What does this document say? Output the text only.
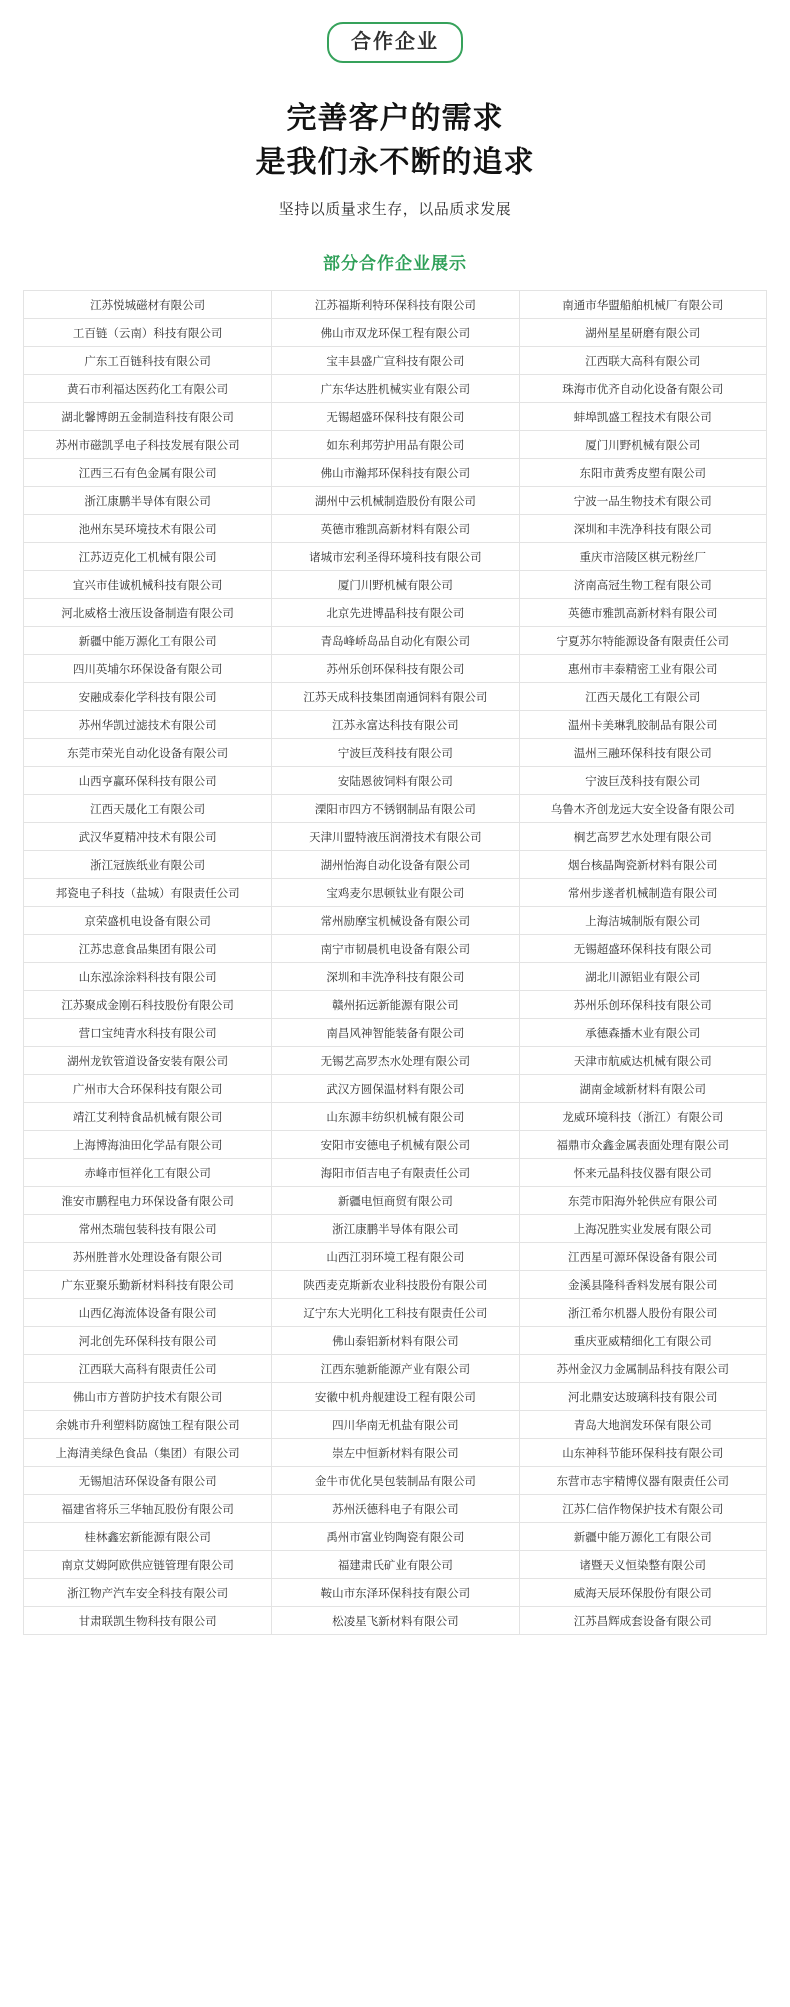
合作企业
完善客户的需求
是我们永不断的追求
坚持以质量求生存，以品质求发展
部分合作企业展示
江苏悦城磁材有限公司	江苏福斯利特环保科技有限公司	南通市华盟船舶机械厂有限公司
工百链（云南）科技有限公司	佛山市双龙环保工程有限公司	湖州星星研磨有限公司
广东工百链科技有限公司	宝丰县盛广宣科技有限公司	江西联大高科有限公司
黄石市利福达医药化工有限公司	广东华达胜机械实业有限公司	珠海市优齐自动化设备有限公司
湖北馨博朗五金制造科技有限公司	无锡超盛环保科技有限公司	蚌埠凯盛工程技术有限公司
苏州市磁凯孚电子科技发展有限公司	如东利邦劳护用品有限公司	厦门川野机械有限公司
江西三石有色金属有限公司	佛山市瀚邦环保科技有限公司	东阳市黄秀皮塑有限公司
浙江康鹏半导体有限公司	湖州中云机械制造股份有限公司	宁波一品生物技术有限公司
池州东昊环境技术有限公司	英德市雅凯高新材料有限公司	深圳和丰洗净科技有限公司
江苏迈克化工机械有限公司	诸城市宏利圣得环境科技有限公司	重庆市涪陵区棋元粉丝厂
宜兴市佳诚机械科技有限公司	厦门川野机械有限公司	济南高冠生物工程有限公司
河北威格士液压设备制造有限公司	北京先进博晶科技有限公司	英德市雅凯高新材料有限公司
新疆中能万源化工有限公司	青岛峰峤岛品自动化有限公司	宁夏苏尔特能源设备有限责任公司
四川英埔尔环保设备有限公司	苏州乐创环保科技有限公司	惠州市丰泰精密工业有限公司
安融成泰化学科技有限公司	江苏天成科技集团南通饲料有限公司	江西天晟化工有限公司
苏州华凯过滤技术有限公司	江苏永富达科技有限公司	温州卡美琳乳胶制品有限公司
东莞市荣光自动化设备有限公司	宁波巨茂科技有限公司	温州三融环保科技有限公司
山西亨赢环保科技有限公司	安陆恩彼饲料有限公司	宁波巨茂科技有限公司
江西天晟化工有限公司	溧阳市四方不锈钢制品有限公司	乌鲁木齐创龙远大安全设备有限公司
武汉华夏精冲技术有限公司	天津川盟特液压润滑技术有限公司	榈艺高罗艺水处理有限公司
浙江冠族纸业有限公司	湖州怡海自动化设备有限公司	烟台核晶陶瓷新材料有限公司
邦瓷电子科技（盐城）有限责任公司	宝鸡麦尔思顿钛业有限公司	常州步遂者机械制造有限公司
京荣盛机电设备有限公司	常州励摩宝机械设备有限公司	上海洁城制版有限公司
江苏忠意食品集团有限公司	南宁市韧晨机电设备有限公司	无锡超盛环保科技有限公司
山东泓涂涂料科技有限公司	深圳和丰洗净科技有限公司	湖北川源铝业有限公司
江苏聚成金刚石科技股份有限公司	赣州拓远新能源有限公司	苏州乐创环保科技有限公司
营口宝纯青水科技有限公司	南昌风神智能装备有限公司	承德森播木业有限公司
湖州龙钦管道设备安装有限公司	无锡艺高罗杰水处理有限公司	天津市航威达机械有限公司
广州市大合环保科技有限公司	武汉方圆保温材料有限公司	湖南金域新材料有限公司
靖江艾利特食品机械有限公司	山东源丰纺织机械有限公司	龙威环境科技（浙江）有限公司
上海博海油田化学品有限公司	安阳市安德电子机械有限公司	福鼎市众鑫金属表面处理有限公司
赤峰市恒祥化工有限公司	海阳市佰吉电子有限责任公司	怀来元晶科技仪器有限公司
淮安市鹏程电力环保设备有限公司	新疆电恒商贸有限公司	东莞市阳海外轮供应有限公司
常州杰瑞包装科技有限公司	浙江康鹏半导体有限公司	上海况胜实业发展有限公司
苏州胜普水处理设备有限公司	山西江羽环境工程有限公司	江西星可源环保设备有限公司
广东亚聚乐勤新材料科技有限公司	陕西麦克斯新农业科技股份有限公司	金溪县隆科香料发展有限公司
山西亿海流体设备有限公司	辽宁东大光明化工科技有限责任公司	浙江希尔机器人股份有限公司
河北创先环保科技有限公司	佛山泰铝新材料有限公司	重庆亚威精细化工有限公司
江西联大高科有限责任公司	江西东驰新能源产业有限公司	苏州金汉力金属制品科技有限公司
佛山市方普防护技术有限公司	安徽中机舟舰建设工程有限公司	河北鼎安达玻璃科技有限公司
余姚市升利塑料防腐蚀工程有限公司	四川华南无机盐有限公司	青岛大地润发环保有限公司
上海清美绿色食品（集团）有限公司	崇左中恒新材料有限公司	山东神科节能环保科技有限公司
无锡旭洁环保设备有限公司	金牛市优化昊包装制品有限公司	东营市志宇精博仪器有限责任公司
福建省将乐三华轴瓦股份有限公司	苏州沃德科电子有限公司	江苏仁信作物保护技术有限公司
桂林鑫宏新能源有限公司	禹州市富业钧陶瓷有限公司	新疆中能万源化工有限公司
南京艾姆阿欧供应链管理有限公司	福建肃氏矿业有限公司	诸暨天义恒染整有限公司
浙江物产汽车安全科技有限公司	鞍山市东泽环保科技有限公司	威海天辰环保股份有限公司
甘肃联凯生物科技有限公司	松凌星飞新材料有限公司	江苏昌辉成套设备有限公司
